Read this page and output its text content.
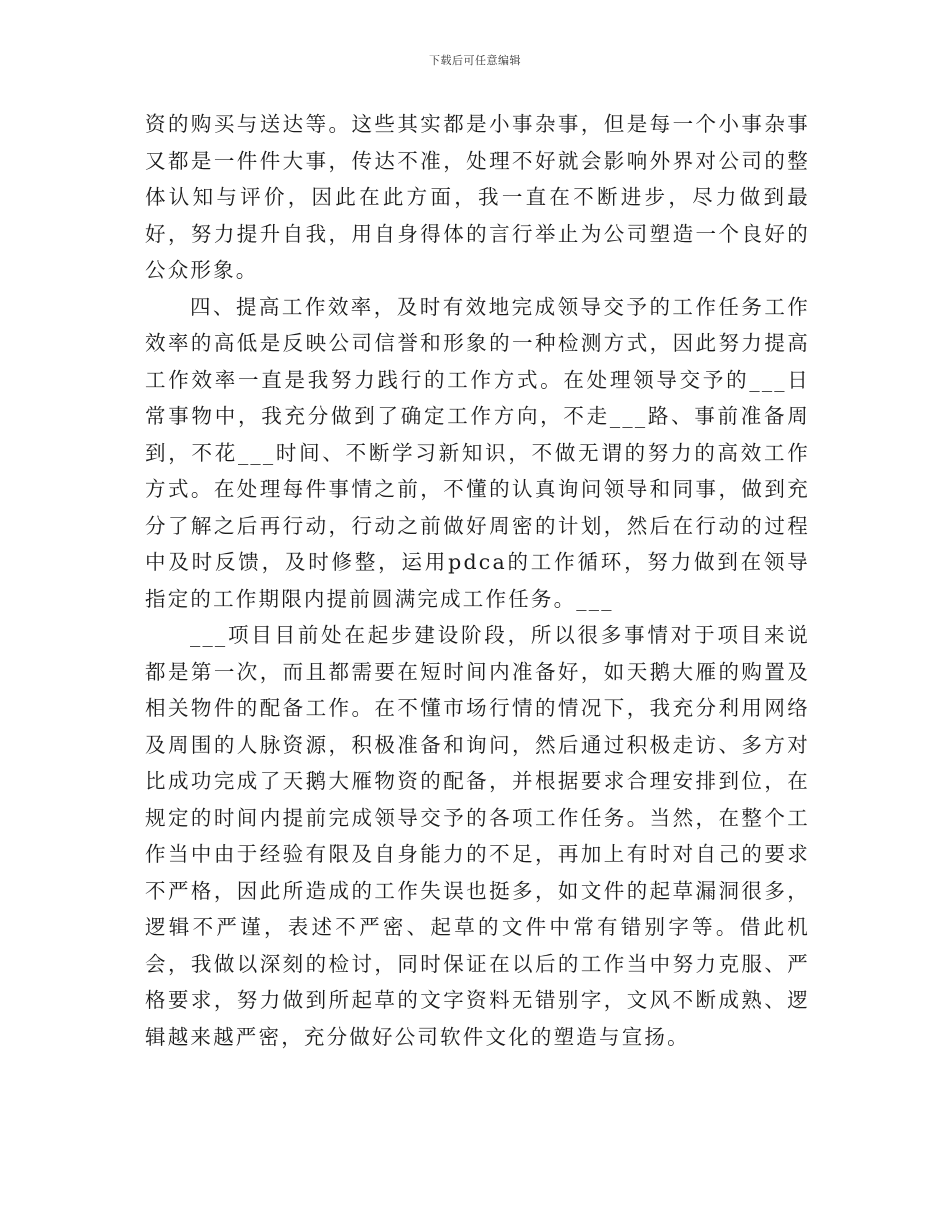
下载后可任意编辑

资的购买与送达等。这些其实都是小事杂事，但是每一个小事杂事又都是一件件大事，传达不准，处理不好就会影响外界对公司的整体认知与评价，因此在此方面，我一直在不断进步，尽力做到最好，努力提升自我，用自身得体的言行举止为公司塑造一个良好的公众形象。

四、提高工作效率，及时有效地完成领导交予的工作任务工作效率的高低是反映公司信誉和形象的一种检测方式，因此努力提高工作效率一直是我努力践行的工作方式。在处理领导交予的___日常事物中，我充分做到了确定工作方向，不走___路、事前准备周到，不花___时间、不断学习新知识，不做无谓的努力的高效工作方式。在处理每件事情之前，不懂的认真询问领导和同事，做到充分了解之后再行动，行动之前做好周密的计划，然后在行动的过程中及时反馈，及时修整，运用pdca的工作循环，努力做到在领导指定的工作期限内提前圆满完成工作任务。___

___项目目前处在起步建设阶段，所以很多事情对于项目来说都是第一次，而且都需要在短时间内准备好，如天鹅大雁的购置及相关物件的配备工作。在不懂市场行情的情况下，我充分利用网络及周围的人脉资源，积极准备和询问，然后通过积极走访、多方对比成功完成了天鹅大雁物资的配备，并根据要求合理安排到位，在规定的时间内提前完成领导交予的各项工作任务。当然，在整个工作当中由于经验有限及自身能力的不足，再加上有时对自己的要求不严格，因此所造成的工作失误也挺多，如文件的起草漏洞很多，逻辑不严谨，表述不严密、起草的文件中常有错别字等。借此机会，我做以深刻的检讨，同时保证在以后的工作当中努力克服、严格要求，努力做到所起草的文字资料无错别字，文风不断成熟、逻辑越来越严密，充分做好公司软件文化的塑造与宣扬。
